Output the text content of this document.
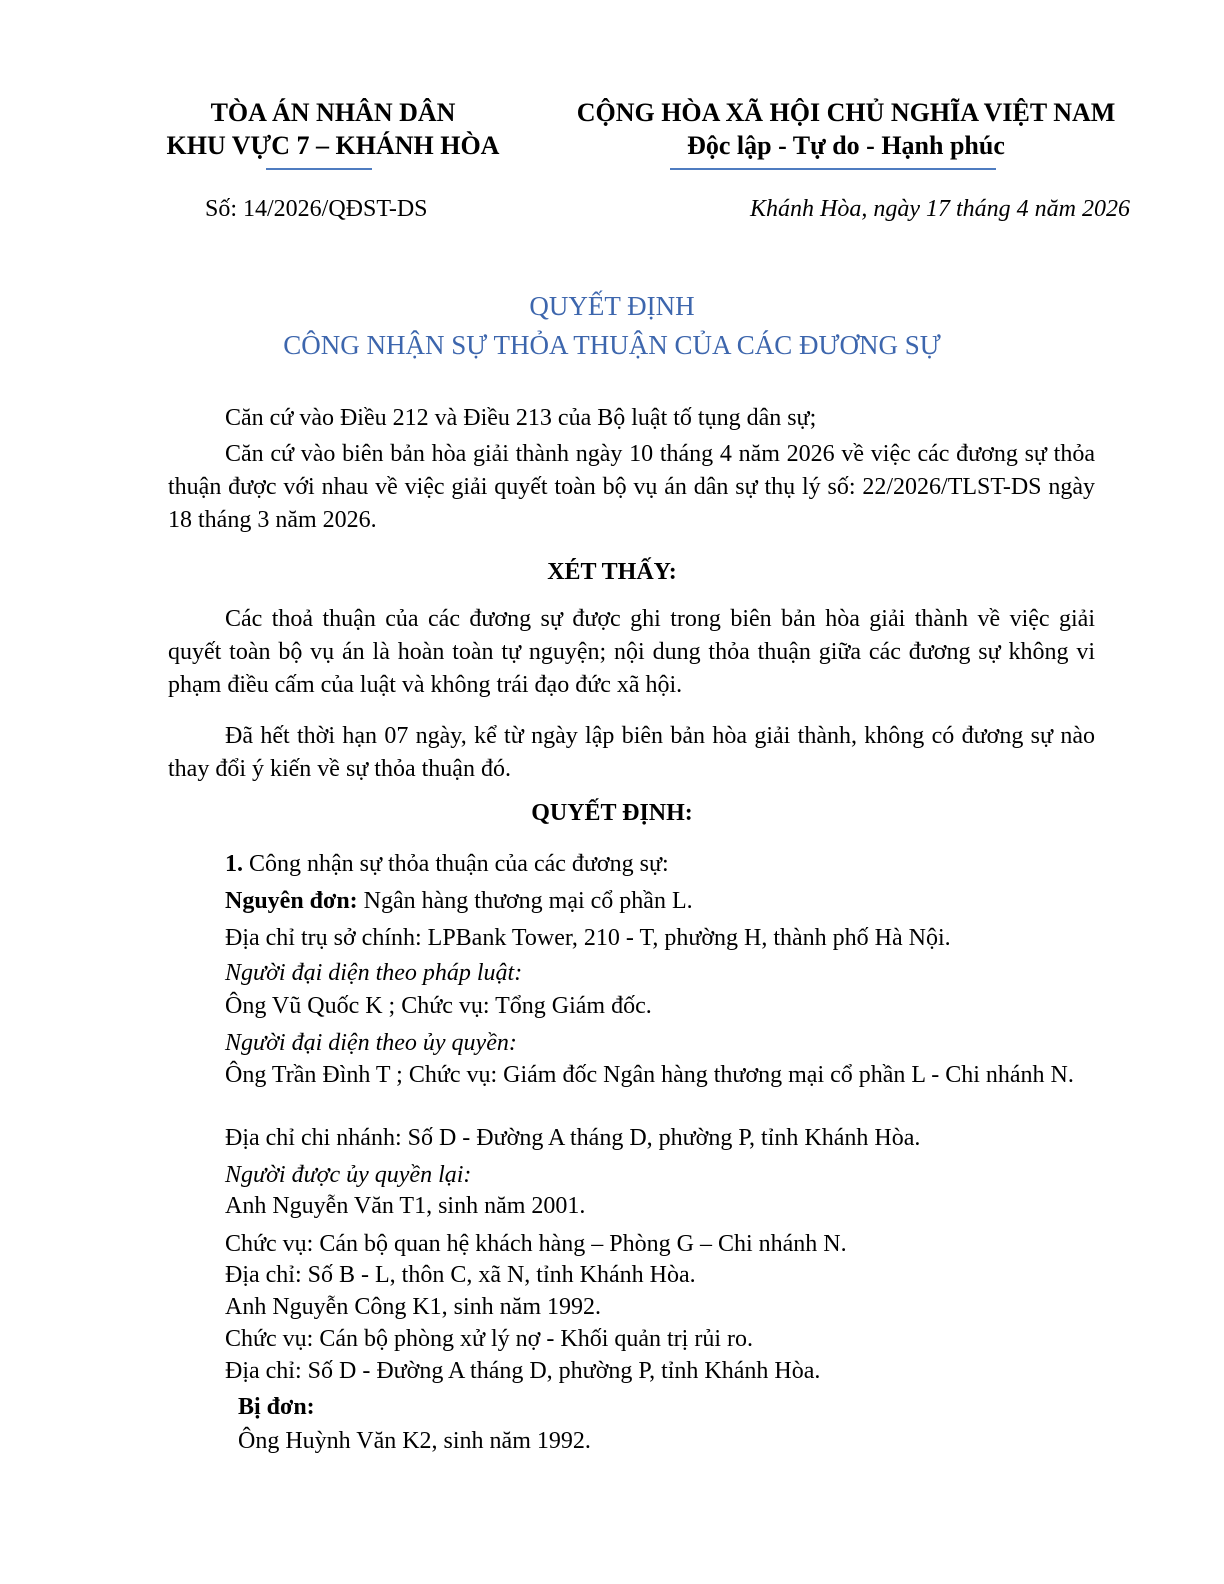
TÒA ÁN NHÂN DÂN
KHU VỰC 7 – KHÁNH HÒA
CỘNG HÒA XÃ HỘI CHỦ NGHĨA VIỆT NAM
Độc lập - Tự do - Hạnh phúc
Số: 14/2026/QĐST-DS	Khánh Hòa, ngày 17 tháng 4 năm 2026
QUYẾT ĐỊNH
CÔNG NHẬN SỰ THỎA THUẬN CỦA CÁC ĐƯƠNG SỰ
Căn cứ vào Điều 212 và Điều 213 của Bộ luật tố tụng dân sự;
Căn cứ vào biên bản hòa giải thành ngày 10 tháng 4 năm 2026 về việc các đương sự thỏa thuận được với nhau về việc giải quyết toàn bộ vụ án dân sự thụ lý số: 22/2026/TLST-DS ngày 18 tháng 3 năm 2026.
XÉT THẤY:
Các thoả thuận của các đương sự được ghi trong biên bản hòa giải thành về việc giải quyết toàn bộ vụ án là hoàn toàn tự nguyện; nội dung thỏa thuận giữa các đương sự không vi phạm điều cấm của luật và không trái đạo đức xã hội.
Đã hết thời hạn 07 ngày, kể từ ngày lập biên bản hòa giải thành, không có đương sự nào thay đổi ý kiến về sự thỏa thuận đó.
QUYẾT ĐỊNH:
1. Công nhận sự thỏa thuận của các đương sự:
Nguyên đơn: Ngân hàng thương mại cổ phần L.
Địa chỉ trụ sở chính: LPBank Tower, 210 - T, phường H, thành phố Hà Nội.
Người đại diện theo pháp luật:
Ông Vũ Quốc K ; Chức vụ: Tổng Giám đốc.
Người đại diện theo ủy quyền:
Ông Trần Đình T ; Chức vụ: Giám đốc Ngân hàng thương mại cổ phần L - Chi nhánh N.
Địa chỉ chi nhánh: Số D - Đường A tháng D, phường P, tỉnh Khánh Hòa.
Người được ủy quyền lại:
Anh Nguyễn Văn T1, sinh năm 2001.
Chức vụ: Cán bộ quan hệ khách hàng – Phòng G – Chi nhánh N.
Địa chỉ: Số B - L, thôn C, xã N, tỉnh Khánh Hòa.
Anh Nguyễn Công K1, sinh năm 1992.
Chức vụ: Cán bộ phòng xử lý nợ - Khối quản trị rủi ro.
Địa chỉ: Số D - Đường A tháng D, phường P, tỉnh Khánh Hòa.
Bị đơn:
Ông Huỳnh Văn K2, sinh năm 1992.
